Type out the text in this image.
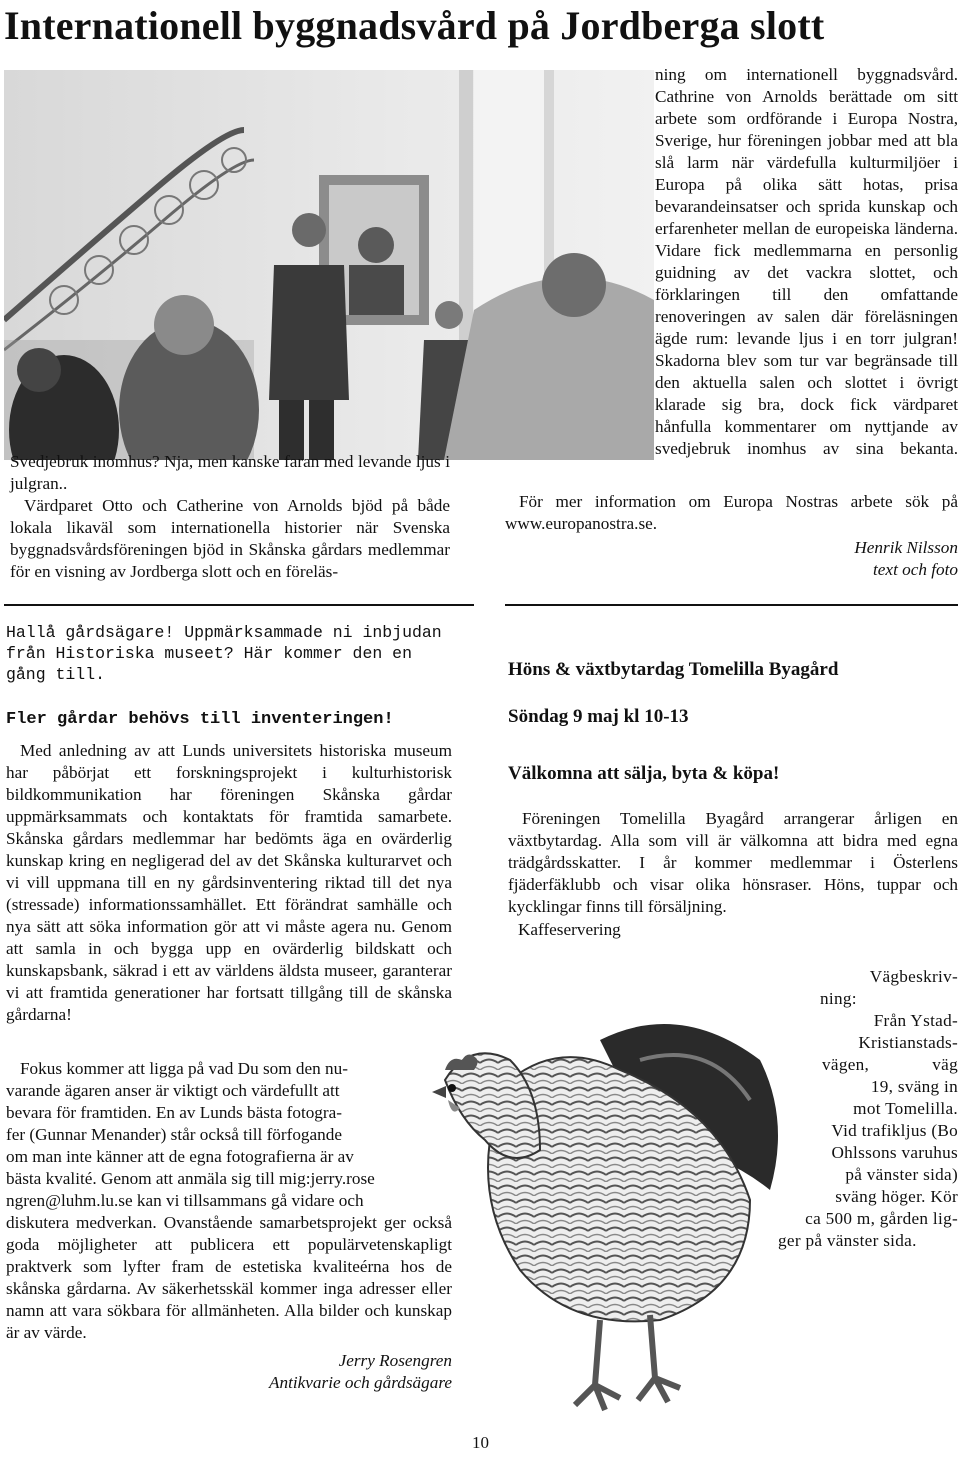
Internationell byggnadsvård på Jordberga slott

Svedjebruk inomhus? Nja, men kanske faran med levande ljus i julgran..

Värdparet Otto och Catherine von Arnolds bjöd på både lokala likaväl som internationella historier när Svenska byggnadsvårdsföreningen bjöd in Skånska gårdars medlemmar för en visning av Jordberga slott och en föreläs-

ning om internationell byggnadsvård. Cathrine von Arnolds berättade om sitt arbete som ordförande i Europa Nostra, Sverige, hur föreningen jobbar med att bla slå larm när värdefulla kulturmiljöer i Europa på olika sätt hotas, prisa bevarandeinsatser och sprida kunskap och erfarenheter mellan de europeiska länderna. Vidare fick medlemmarna en personlig guidning av det vackra slottet, och förklaringen till den omfattande renoveringen av salen där föreläsningen ägde rum: levande ljus i en torr julgran! Skadorna blev som tur var begränsade till den aktuella salen och slottet i övrigt klarade sig bra, dock fick värdparet hånfulla kommentarer om nyttjande av svedjebruk inomhus av sina bekanta.

För mer information om Europa Nostras arbete sök på www.europanostra.se.

Henrik Nilsson

text och foto

Hallå gårdsägare! Uppmärksammade ni inbjudan från Historiska museet? Här kommer den en gång till.
Fler gårdar behövs till inventeringen!

Med anledning av att Lunds universitets historiska museum har påbörjat ett forskningsprojekt i kulturhistorisk bildkommunikation har föreningen Skånska gårdar uppmärksammats och kontaktats för framtida samarbete. Skånska gårdars medlemmar har bedömts äga en ovärderlig kunskap kring en negligerad del av det Skånska kulturarvet och vi vill uppmana till en ny gårdsinventering riktad till det nya (stressade) informationssamhället. Ett förändrat samhälle och nya sätt att söka information gör att vi måste agera nu. Genom att samla in och bygga upp en ovärderlig bildskatt och kunskapsbank, säkrad i ett av världens äldsta museer, garanterar vi att framtida generationer har fortsatt tillgång till de skånska gårdarna!

Fokus kommer att ligga på vad Du som den nu-

varande ägaren anser är viktigt och värdefullt att

bevara för framtiden. En av Lunds bästa fotogra-

fer (Gunnar Menander) står också till förfogande

om man inte känner att de egna fotografierna är av

bästa kvalité. Genom att anmäla sig till mig:jerry.rose

ngren@luhm.lu.se kan vi tillsammans gå vidare och

diskutera medverkan. Ovanstående samarbetsprojekt ger också goda möjligheter att publicera ett populärvetenskapligt praktverk som lyfter fram de estetiska kvaliteérna hos de skånska gårdarna. Av säkerhetsskäl kommer inga adresser eller namn att vara sökbara för allmänheten. Alla bilder och kunskap är av värde.

Jerry Rosengren

Antikvarie och gårdsägare

Höns & växtbytardag Tomelilla Byagård
Söndag 9 maj kl 10-13
Välkomna att sälja, byta & köpa!

Föreningen Tomelilla Byagård arrangerar årligen en växtbytardag. Alla som vill är välkomna att bidra med egna trädgårdsskatter. I år kommer medlemmar i Österlens fjäderfäklubb och visar olika hönsraser. Höns, tuppar och kycklingar finns till försäljning.

Kaffeservering

Vägbeskriv-

ning:

Från Ystad-

Kristianstads-

vägen, väg

19, sväng in

mot Tomelilla.

Vid trafikljus (Bo

Ohlssons varuhus

på vänster sida)

sväng höger. Kör

ca 500 m, gården lig-

ger på vänster sida.

10
